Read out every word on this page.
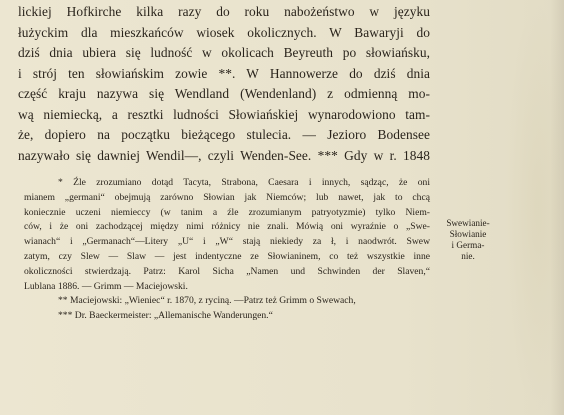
lickiej Hofkirche kilka razy do roku nabożeństwo w języku
łużyckim dla mieszkańców wiosek okolicznych. W Bawaryji do
dziś dnia ubiera się ludność w okolicach Beyreuth po słowiańsku,
i strój ten słowiańskim zowie **. W Hannowerze do dziś dnia
część kraju nazywa się Wendland (Wendenland) z odmienną mo-
wą niemiecką, a resztki ludności Słowiańskiej wynarodowiono tam-
że, dopiero na początku bieżącego stulecia. — Jezioro Bodensee
nazywało się dawniej Wendil—, czyli Wenden-See. *** Gdy w r. 1848
* Źle zrozumiano dotąd Tacyta, Strabona, Caesara i innych, sądząc, że oni
mianem „germani“ obejmują zarówno Słowian jak Niemców; lub nawet, jak to chcą
koniecznie uczeni niemieccy (w tanim a źle zrozumianym patryotyzmie) tylko Niem-
ców, i że oni zachodzącej między nimi różnicy nie znali. Mówią oni wyraźnie o „Swe-
wianach“ i „Germanach“—Litery „U“ i „W“ stają niekiedy za ł, i naodwrót. Swew
zatym, czy Slew — Slaw — jest indentyczne ze Słowianinem, co też wszystkie inne
okoliczności stwierdzają. Patrz: Karol Sicha „Namen und Schwinden der Slaven,“
Lublana 1886. — Grimm — Maciejowski.
** Maciejowski: „Wieniec“ r. 1870, z ryciną. —Patrz też Grimm o Swewach,
*** Dr. Baeckermeister: „Allemanische Wanderungen.“
Swewianie-
Słowianie
i Germa-
nie.
